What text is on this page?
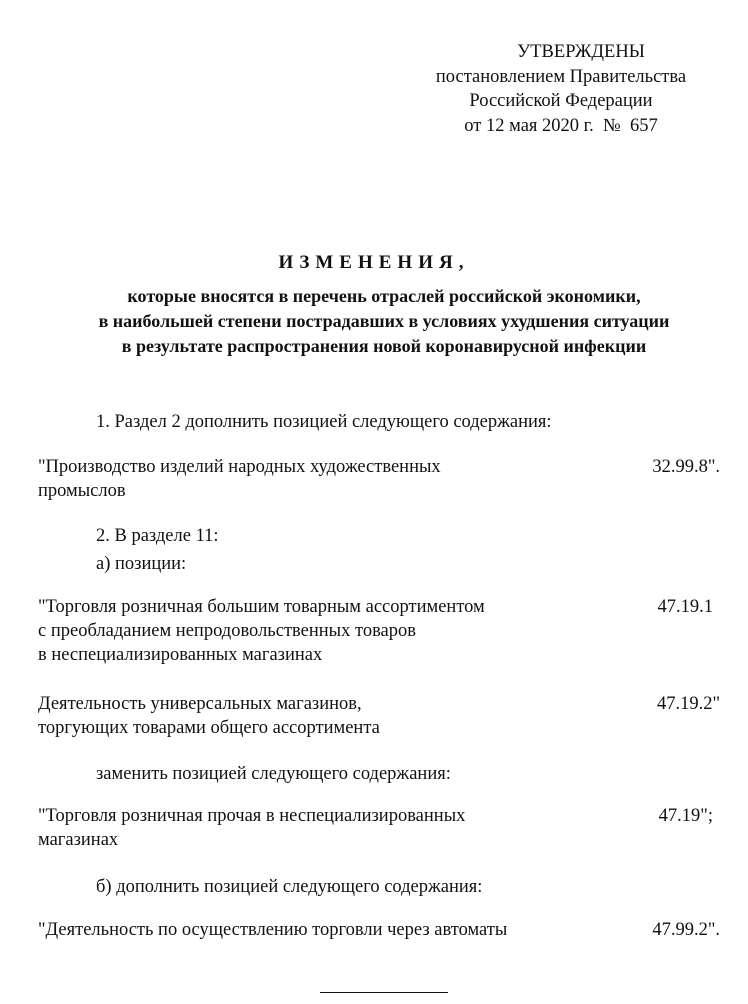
УТВЕРЖДЕНЫ
постановлением Правительства
Российской Федерации
от 12 мая 2020 г.  №  657
ИЗМЕНЕНИЯ,
которые вносятся в перечень отраслей российской экономики,
в наибольшей степени пострадавших в условиях ухудшения ситуации
в результате распространения новой коронавирусной инфекции
1. Раздел 2 дополнить позицией следующего содержания:
"Производство изделий народных художественных
промыслов
32.99.8".
2. В разделе 11:
а) позиции:
"Торговля розничная большим товарным ассортиментом
с преобладанием непродовольственных товаров
в неспециализированных магазинах
47.19.1
Деятельность универсальных магазинов,
торгующих товарами общего ассортимента
47.19.2"
заменить позицией следующего содержания:
"Торговля розничная прочая в неспециализированных
магазинах
47.19";
б) дополнить позицией следующего содержания:
"Деятельность по осуществлению торговли через автоматы	47.99.2".
